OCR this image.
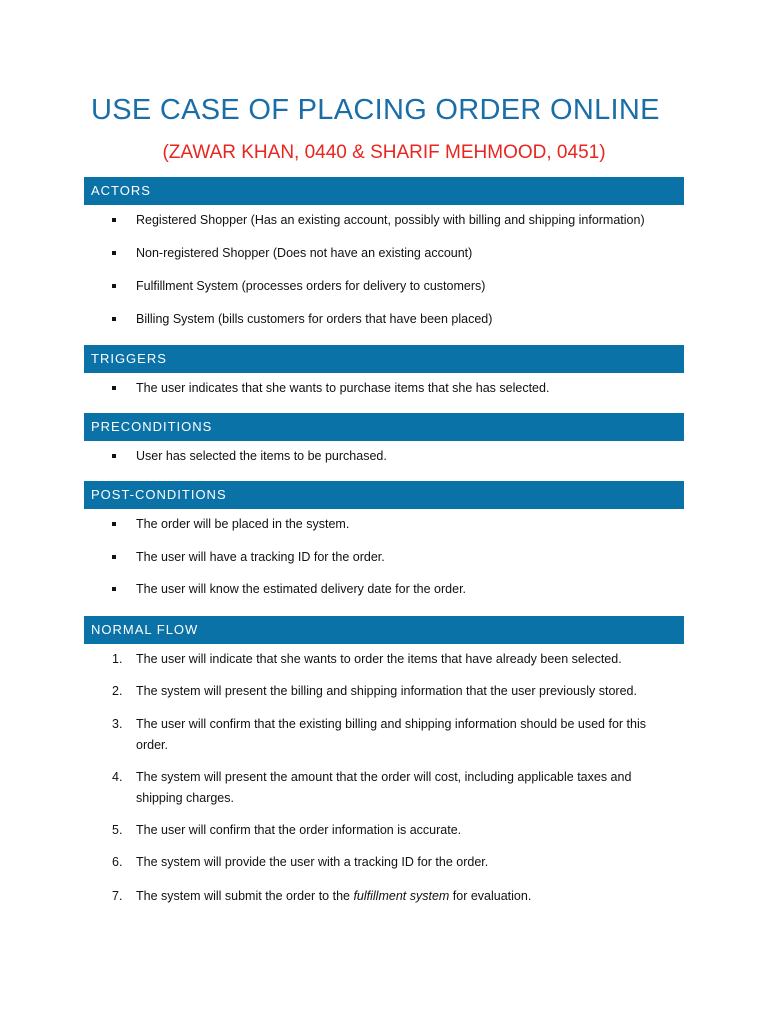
USE CASE OF PLACING ORDER ONLINE
(ZAWAR KHAN, 0440 & SHARIF MEHMOOD, 0451)
ACTORS
Registered Shopper (Has an existing account, possibly with billing and shipping information)
Non-registered Shopper (Does not have an existing account)
Fulfillment System (processes orders for delivery to customers)
Billing System (bills customers for orders that have been placed)
TRIGGERS
The user indicates that she wants to purchase items that she has selected.
PRECONDITIONS
User has selected the items to be purchased.
POST-CONDITIONS
The order will be placed in the system.
The user will have a tracking ID for the order.
The user will know the estimated delivery date for the order.
NORMAL FLOW
1. The user will indicate that she wants to order the items that have already been selected.
2. The system will present the billing and shipping information that the user previously stored.
3. The user will confirm that the existing billing and shipping information should be used for this order.
4. The system will present the amount that the order will cost, including applicable taxes and shipping charges.
5. The user will confirm that the order information is accurate.
6. The system will provide the user with a tracking ID for the order.
7. The system will submit the order to the fulfillment system for evaluation.
